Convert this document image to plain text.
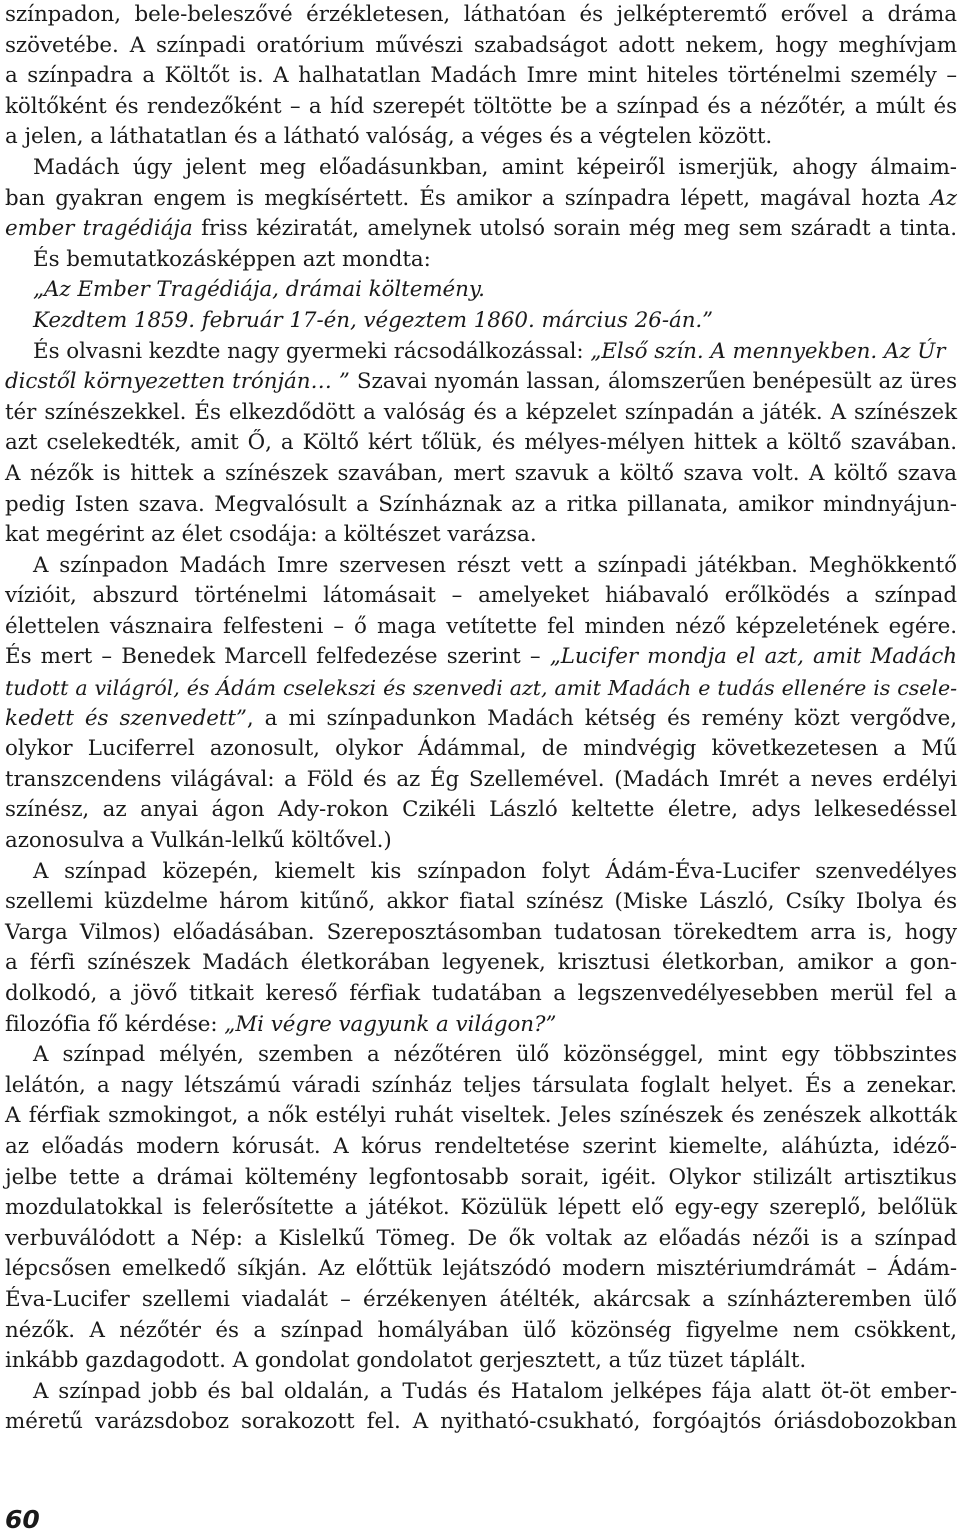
színpadon, bele-beleszővé érzékletesen, láthatóan és jelképteremtő erővel a dráma
szövetébe. A színpadi oratórium művészi szabadságot adott nekem, hogy meghívjam
a színpadra a Költőt is. A halhatatlan Madách Imre mint hiteles történelmi személy –
költőként és rendezőként – a híd szerepét töltötte be a színpad és a nézőtér, a múlt és
a jelen, a láthatatlan és a látható valóság, a véges és a végtelen között.
Madách úgy jelent meg előadásunkban, amint képeiről ismerjük, ahogy álmaim-
ban gyakran engem is megkísértett. És amikor a színpadra lépett, magával hozta Az
ember tragédiája friss kéziratát, amelynek utolsó sorain még meg sem száradt a tinta.
És bemutatkozásképpen azt mondta:
„Az Ember Tragédiája, drámai költemény.
Kezdtem 1859. február 17-én, végeztem 1860. március 26-án.”
És olvasni kezdte nagy gyermeki rácsodálkozással: „Első szín. A mennyekben. Az Úr
dicstől környezetten trónján… ” Szavai nyomán lassan, álomszerűen benépesült az üres
tér színészekkel. És elkezdődött a valóság és a képzelet színpadán a játék. A színészek
azt cselekedték, amit Ő, a Költő kért tőlük, és mélyes-mélyen hittek a költő szavában.
A nézők is hittek a színészek szavában, mert szavuk a költő szava volt. A költő szava
pedig Isten szava. Megvalósult a Színháznak az a ritka pillanata, amikor mindnyájun-
kat megérint az élet csodája: a költészet varázsa.
A színpadon Madách Imre szervesen részt vett a színpadi játékban. Meghökkentő
vízióit, abszurd történelmi látomásait – amelyeket hiábavaló erőlködés a színpad
élettelen vásznaira felfesteni – ő maga vetítette fel minden néző képzeletének egére.
És mert – Benedek Marcell felfedezése szerint – „Lucifer mondja el azt, amit Madách
tudott a világról, és Ádám cselekszi és szenvedi azt, amit Madách e tudás ellenére is csele-
kedett és szenvedett”, a mi színpadunkon Madách kétség és remény közt vergődve,
olykor Luciferrel azonosult, olykor Ádámmal, de mindvégig következetesen a Mű
transzcendens világával: a Föld és az Ég Szellemével. (Madách Imrét a neves erdélyi
színész, az anyai ágon Ady-rokon Czikéli László keltette életre, adys lelkesedéssel
azonosulva a Vulkán-lelkű költővel.)
A színpad közepén, kiemelt kis színpadon folyt Ádám-Éva-Lucifer szenvedélyes
szellemi küzdelme három kitűnő, akkor fiatal színész (Miske László, Csíky Ibolya és
Varga Vilmos) előadásában. Szereposztásomban tudatosan törekedtem arra is, hogy
a férfi színészek Madách életkorában legyenek, krisztusi életkorban, amikor a gon-
dolkodó, a jövő titkait kereső férfiak tudatában a legszenvedélyesebben merül fel a
filozófia fő kérdése: „Mi végre vagyunk a világon?”
A színpad mélyén, szemben a nézőtéren ülő közönséggel, mint egy többszintes
lelátón, a nagy létszámú váradi színház teljes társulata foglalt helyet. És a zenekar.
A férfiak szmokingot, a nők estélyi ruhát viseltek. Jeles színészek és zenészek alkották
az előadás modern kórusát. A kórus rendeltetése szerint kiemelte, aláhúzta, idéző-
jelbe tette a drámai költemény legfontosabb sorait, igéit. Olykor stilizált artisztikus
mozdulatokkal is felerősítette a játékot. Közülük lépett elő egy-egy szereplő, belőlük
verbuválódott a Nép: a Kislelkű Tömeg. De ők voltak az előadás nézői is a színpad
lépcsősen emelkedő síkján. Az előttük lejátszódó modern misztériumdrámát – Ádám-
Éva-Lucifer szellemi viadalát – érzékenyen átélték, akárcsak a színházteremben ülő
nézők. A nézőtér és a színpad homályában ülő közönség figyelme nem csökkent,
inkább gazdagodott. A gondolat gondolatot gerjesztett, a tűz tüzet táplált.
A színpad jobb és bal oldalán, a Tudás és Hatalom jelképes fája alatt öt-öt ember-
méretű varázsdoboz sorakozott fel. A nyitható-csukható, forgóajtós óriásdobozokban
60
